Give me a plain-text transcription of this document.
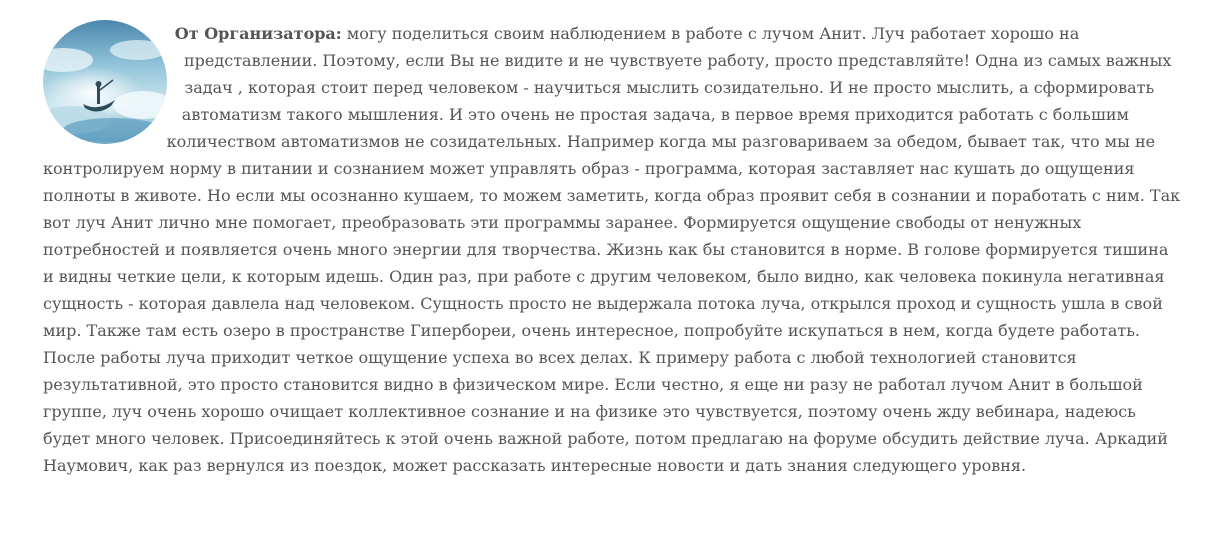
От Организатора: могу поделиться своим наблюдением в работе с лучом Анит. Луч работает хорошо на представлении. Поэтому, если Вы не видите и не чувствуете работу, просто представляйте! Одна из самых важных задач , которая стоит перед человеком - научиться мыслить созидательно. И не просто мыслить, а сформировать автоматизм такого мышления. И это очень не простая задача, в первое время приходится работать с большим количеством автоматизмов не созидательных. Например когда мы разговариваем за обедом, бывает так, что мы не контролируем норму в питании и сознанием может управлять образ - программа, которая заставляет нас кушать до ощущения полноты в животе. Но если мы осознанно кушаем, то можем заметить, когда образ проявит себя в сознании и поработать с ним. Так вот луч Анит лично мне помогает, преобразовать эти программы заранее. Формируется ощущение свободы от ненужных потребностей и появляется очень много энергии для творчества. Жизнь как бы становится в норме. В голове формируется тишина и видны четкие цели, к которым идешь. Один раз, при работе с другим человеком, было видно, как человека покинула негативная сущность - которая давлела над человеком. Сущность просто не выдержала потока луча, открылся проход и сущность ушла в свой мир. Также там есть озеро в пространстве Гипербореи, очень интересное, попробуйте искупаться в нем, когда будете работать. После работы луча приходит четкое ощущение успеха во всех делах. К примеру работа с любой технологией становится результативной, это просто становится видно в физическом мире. Если честно, я еще ни разу не работал лучом Анит в большой группе, луч очень хорошо очищает коллективное сознание и на физике это чувствуется, поэтому очень жду вебинара, надеюсь будет много человек. Присоединяйтесь к этой очень важной работе, потом предлагаю на форуме обсудить действие луча. Аркадий Наумович, как раз вернулся из поездок, может рассказать интересные новости и дать знания следующего уровня.
